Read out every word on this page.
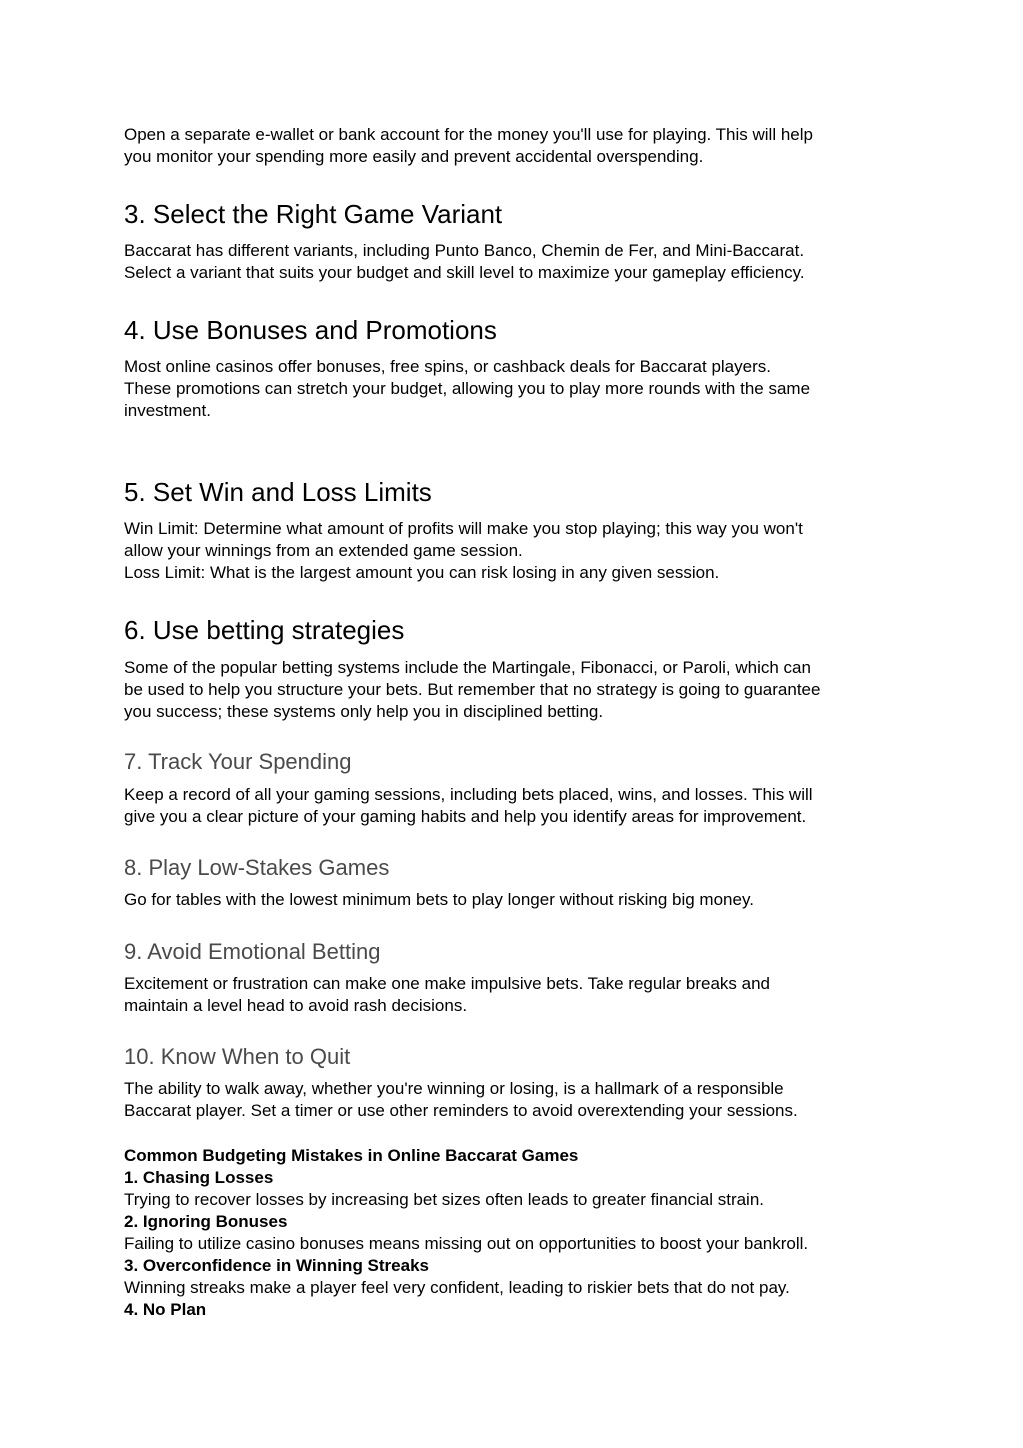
Open a separate e-wallet or bank account for the money you'll use for playing. This will help
you monitor your spending more easily and prevent accidental overspending.

3. Select the Right Game Variant

Baccarat has different variants, including Punto Banco, Chemin de Fer, and Mini-Baccarat.
Select a variant that suits your budget and skill level to maximize your gameplay efficiency.

4. Use Bonuses and Promotions

Most online casinos offer bonuses, free spins, or cashback deals for Baccarat players.
These promotions can stretch your budget, allowing you to play more rounds with the same
investment.

5. Set Win and Loss Limits

Win Limit: Determine what amount of profits will make you stop playing; this way you won't
allow your winnings from an extended game session.
Loss Limit: What is the largest amount you can risk losing in any given session.

6. Use betting strategies

Some of the popular betting systems include the Martingale, Fibonacci, or Paroli, which can
be used to help you structure your bets. But remember that no strategy is going to guarantee
you success; these systems only help you in disciplined betting.

7. Track Your Spending

Keep a record of all your gaming sessions, including bets placed, wins, and losses. This will
give you a clear picture of your gaming habits and help you identify areas for improvement.

8. Play Low-Stakes Games

Go for tables with the lowest minimum bets to play longer without risking big money.

9. Avoid Emotional Betting

Excitement or frustration can make one make impulsive bets. Take regular breaks and
maintain a level head to avoid rash decisions.

10. Know When to Quit

The ability to walk away, whether you're winning or losing, is a hallmark of a responsible
Baccarat player. Set a timer or use other reminders to avoid overextending your sessions.

Common Budgeting Mistakes in Online Baccarat Games
1. Chasing Losses
Trying to recover losses by increasing bet sizes often leads to greater financial strain.
2. Ignoring Bonuses
Failing to utilize casino bonuses means missing out on opportunities to boost your bankroll.
3. Overconfidence in Winning Streaks
Winning streaks make a player feel very confident, leading to riskier bets that do not pay.
4. No Plan
